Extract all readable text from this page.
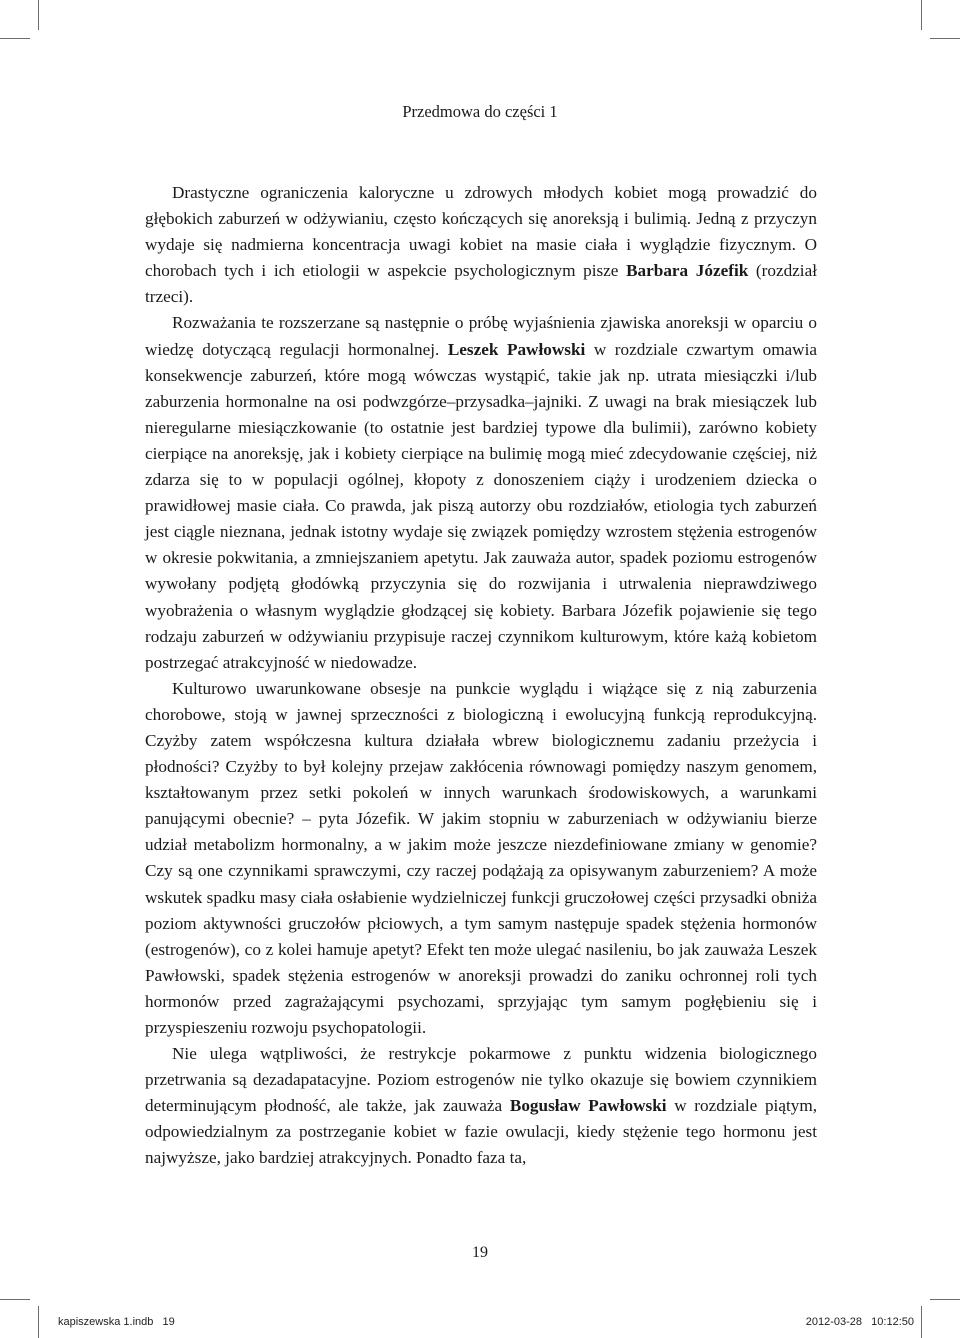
Przedmowa do części 1

Drastyczne ograniczenia kaloryczne u zdrowych młodych kobiet mogą prowadzić do głębokich zaburzeń w odżywianiu, często kończących się anoreksją i bulimią. Jedną z przyczyn wydaje się nadmierna koncentracja uwagi kobiet na masie ciała i wyglądzie fizycznym. O chorobach tych i ich etiologii w aspekcie psychologicznym pisze Barbara Józefik (rozdział trzeci).

Rozważania te rozszerzane są następnie o próbę wyjaśnienia zjawiska anoreksji w oparciu o wiedzę dotyczącą regulacji hormonalnej. Leszek Pawłowski w rozdziale czwartym omawia konsekwencje zaburzeń, które mogą wówczas wystąpić, takie jak np. utrata miesiączki i/lub zaburzenia hormonalne na osi podwzgórze–przysadka–jajniki. Z uwagi na brak miesiączek lub nieregularne miesiączkowanie (to ostatnie jest bardziej typowe dla bulimii), zarówno kobiety cierpiące na anoreksję, jak i kobiety cierpiące na bulimię mogą mieć zdecydowanie częściej, niż zdarza się to w populacji ogólnej, kłopoty z donoszeniem ciąży i urodzeniem dziecka o prawidłowej masie ciała. Co prawda, jak piszą autorzy obu rozdziałów, etiologia tych zaburzeń jest ciągle nieznana, jednak istotny wydaje się związek pomiędzy wzrostem stężenia estrogenów w okresie pokwitania, a zmniejszaniem apetytu. Jak zauważa autor, spadek poziomu estrogenów wywołany podjętą głodówką przyczynia się do rozwijania i utrwalenia nieprawdziwego wyobrażenia o własnym wyglądzie głodzącej się kobiety. Barbara Józefik pojawienie się tego rodzaju zaburzeń w odżywianiu przypisuje raczej czynnikom kulturowym, które każą kobietom postrzegać atrakcyjność w niedowadze.

Kulturowo uwarunkowane obsesje na punkcie wyglądu i wiążące się z nią zaburzenia chorobowe, stoją w jawnej sprzeczności z biologiczną i ewolucyjną funkcją reprodukcyjną. Czyżby zatem współczesna kultura działała wbrew biologicznemu zadaniu przeżycia i płodności? Czyżby to był kolejny przejaw zakłócenia równowagi pomiędzy naszym genomem, kształtowanym przez setki pokoleń w innych warunkach środowiskowych, a warunkami panującymi obecnie? – pyta Józefik. W jakim stopniu w zaburzeniach w odżywianiu bierze udział metabolizm hormonalny, a w jakim może jeszcze niezdefiniowane zmiany w genomie? Czy są one czynnikami sprawczymi, czy raczej podążają za opisywanym zaburzeniem? A może wskutek spadku masy ciała osłabienie wydzielniczej funkcji gruczołowej części przysadki obniża poziom aktywności gruczołów płciowych, a tym samym następuje spadek stężenia hormonów (estrogenów), co z kolei hamuje apetyt? Efekt ten może ulegać nasileniu, bo jak zauważa Leszek Pawłowski, spadek stężenia estrogenów w anoreksji prowadzi do zaniku ochronnej roli tych hormonów przed zagrażającymi psychozami, sprzyjając tym samym pogłębieniu się i przyspieszeniu rozwoju psychopatologii.

Nie ulega wątpliwości, że restrykcje pokarmowe z punktu widzenia biologicznego przetrwania są dezadapatacyjne. Poziom estrogenów nie tylko okazuje się bowiem czynnikiem determinującym płodność, ale także, jak zauważa Bogusław Pawłowski w rozdziale piątym, odpowiedzialnym za postrzeganie kobiet w fazie owulacji, kiedy stężenie tego hormonu jest najwyższe, jako bardziej atrakcyjnych. Ponadto faza ta,

19
kapiszewska 1.indb   19	2012-03-28   10:12:50
